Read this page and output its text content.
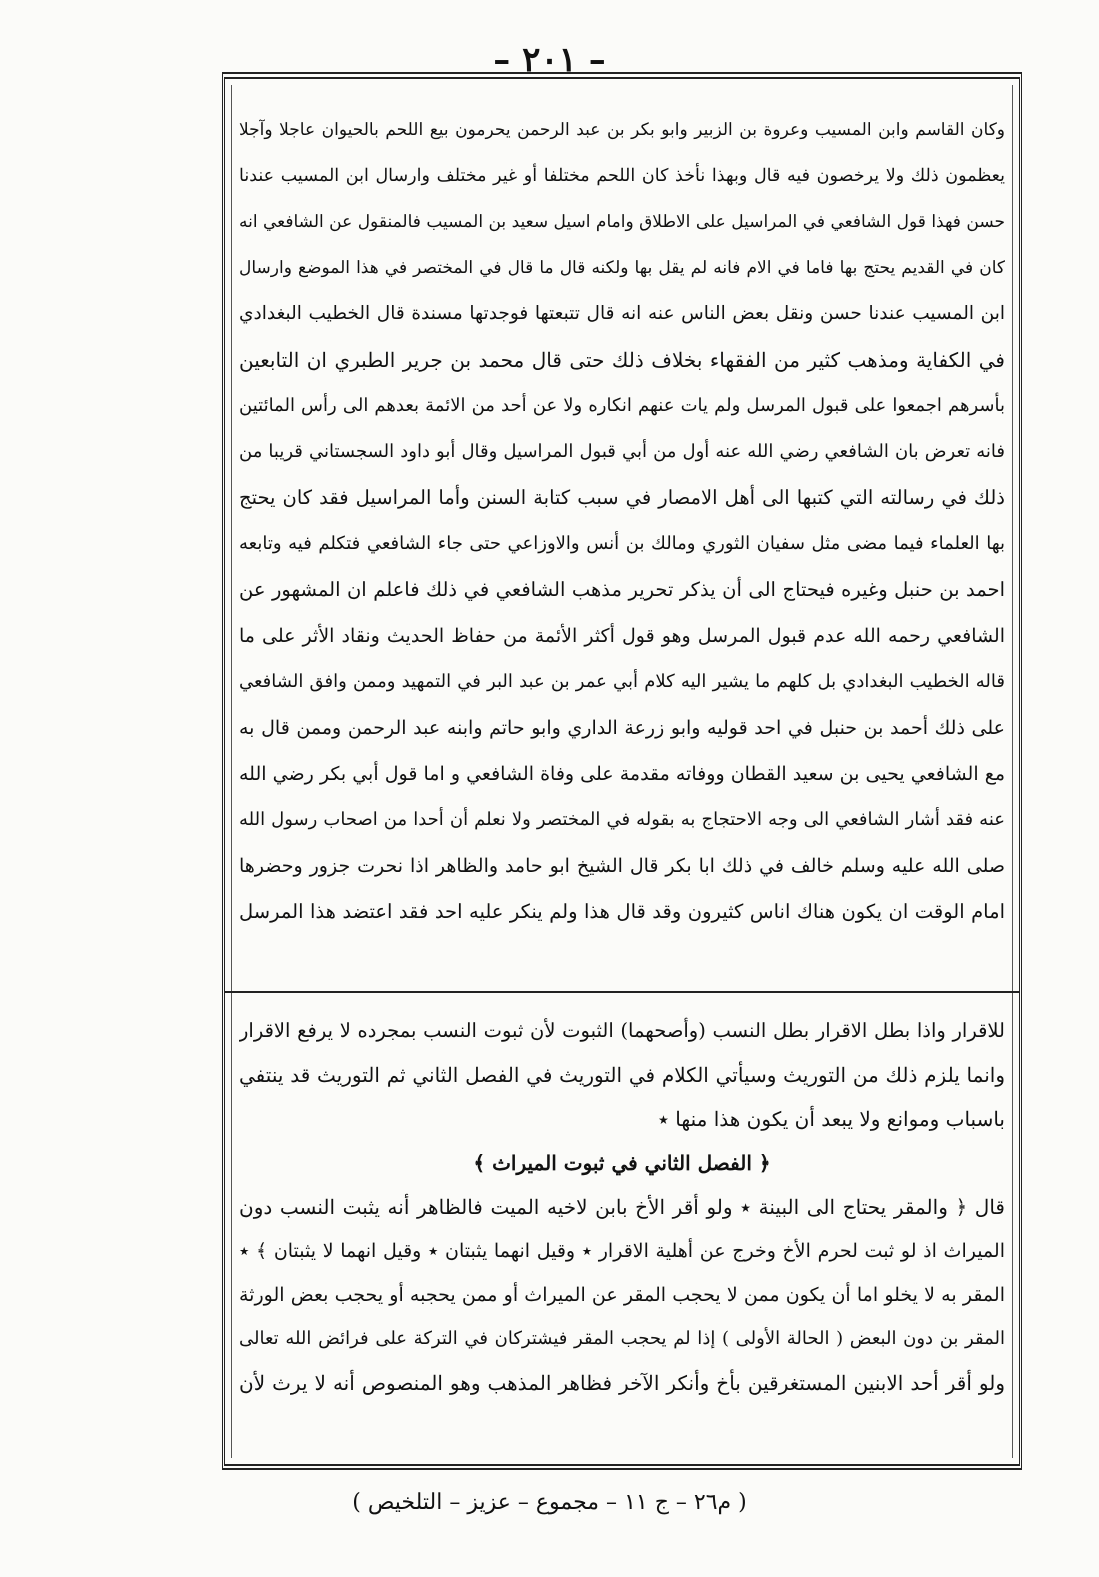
– ٢٠١ –

وكان القاسم وابن المسيب وعروة بن الزبير وابو بكر بن عبد الرحمن يحرمون بيع اللحم بالحيوان عاجلا وآجلا

يعظمون ذلك ولا يرخصون فيه قال وبهذا نأخذ كان اللحم مختلفا أو غير مختلف وارسال ابن المسيب عندنا

حسن فهذا قول الشافعي في المراسيل على الاطلاق وامام اسيل سعيد بن المسيب فالمنقول عن الشافعي انه

كان في القديم يحتج بها فاما في الام فانه لم يقل بها ولكنه قال ما قال في المختصر في هذا الموضع وارسال

ابن المسيب عندنا حسن ونقل بعض الناس عنه انه قال تتبعتها فوجدتها مسندة قال الخطيب البغدادي

في الكفاية ومذهب كثير من الفقهاء بخلاف ذلك حتى قال محمد بن جرير الطبري ان التابعين

بأسرهم اجمعوا على قبول المرسل ولم يات عنهم انكاره ولا عن أحد من الائمة بعدهم الى رأس المائتين

فانه تعرض بان الشافعي رضي الله عنه أول من أبي قبول المراسيل وقال أبو داود السجستاني قريبا من

ذلك في رسالته التي كتبها الى أهل الامصار في سبب كتابة السنن وأما المراسيل فقد كان يحتج

بها العلماء فيما مضى مثل سفيان الثوري ومالك بن أنس والاوزاعي حتى جاء الشافعي فتكلم فيه وتابعه

احمد بن حنبل وغيره فيحتاج الى أن يذكر تحرير مذهب الشافعي في ذلك فاعلم ان المشهور عن

الشافعي رحمه الله عدم قبول المرسل وهو قول أكثر الأئمة من حفاظ الحديث ونقاد الأثر على ما

قاله الخطيب البغدادي بل كلهم ما يشير اليه كلام أبي عمر بن عبد البر في التمهيد وممن وافق الشافعي

على ذلك أحمد بن حنبل في احد قوليه وابو زرعة الداري وابو حاتم وابنه عبد الرحمن وممن قال به

مع الشافعي يحيى بن سعيد القطان ووفاته مقدمة على وفاة الشافعي و اما قول أبي بكر رضي الله

عنه فقد أشار الشافعي الى وجه الاحتجاج به بقوله في المختصر ولا نعلم أن أحدا من اصحاب رسول الله

صلى الله عليه وسلم خالف في ذلك ابا بكر قال الشيخ ابو حامد والظاهر اذا نحرت جزور وحضرها

امام الوقت ان يكون هناك اناس كثيرون وقد قال هذا ولم ينكر عليه احد فقد اعتضد هذا المرسل

للاقرار واذا بطل الاقرار بطل النسب (وأصحهما) الثبوت لأن ثبوت النسب بمجرده لا يرفع الاقرار

وانما يلزم ذلك من التوريث وسيأتي الكلام في التوريث في الفصل الثاني ثم التوريث قد ينتفي

باسباب وموانع ولا يبعد أن يكون هذا منها ٭

﴿ الفصل الثاني في ثبوت الميراث ﴾

قال ﴿ والمقر يحتاج الى البينة ٭ ولو أقر الأخ بابن لاخيه الميت فالظاهر أنه يثبت النسب دون

الميراث اذ لو ثبت لحرم الأخ وخرج عن أهلية الاقرار ٭ وقيل انهما يثبتان ٭ وقيل انهما لا يثبتان ﴾ ٭

المقر به لا يخلو اما أن يكون ممن لا يحجب المقر عن الميراث أو ممن يحجبه أو يحجب بعض الورثة

المقر بن دون البعض ( الحالة الأولى ) إذا لم يحجب المقر فيشتركان في التركة على فرائض الله تعالى

ولو أقر أحد الابنين المستغرقين بأخ وأنكر الآخر فظاهر المذهب وهو المنصوص أنه لا يرث لأن

( م٢٦ – ج ١١ – مجموع – عزيز – التلخيص )
